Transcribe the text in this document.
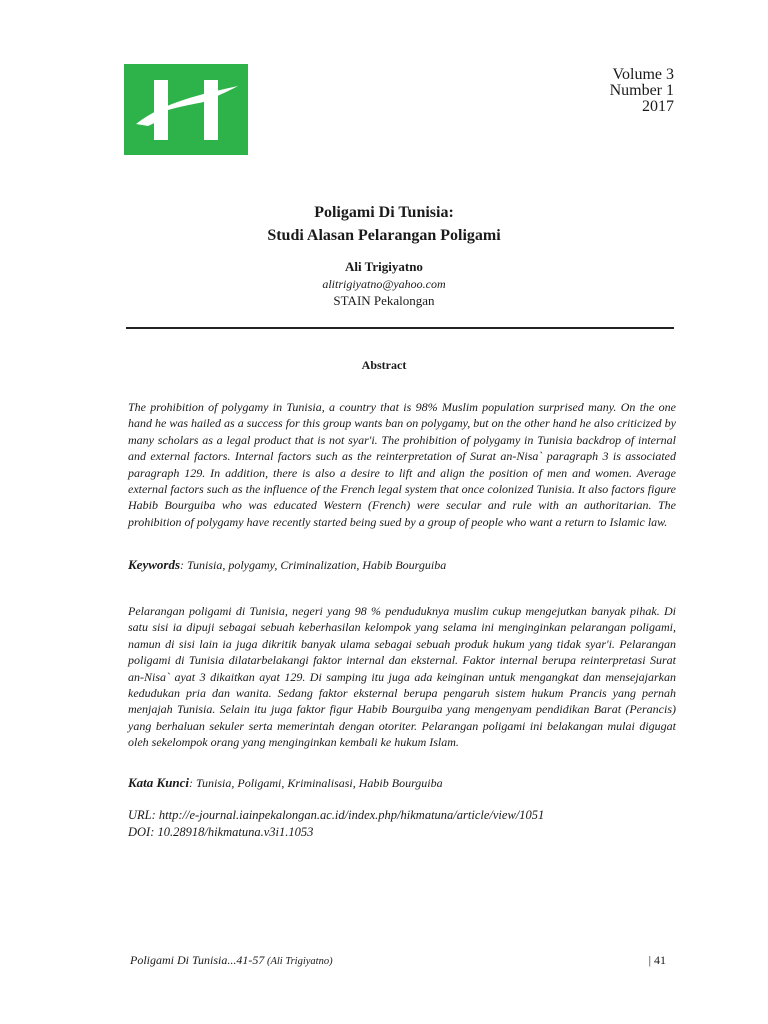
Volume 3
Number 1
2017
Poligami Di Tunisia:
Studi Alasan Pelarangan Poligami
Ali Trigiyatno
alitrigiyatno@yahoo.com
STAIN Pekalongan
Abstract

The prohibition of polygamy in Tunisia, a country that is 98% Muslim population surprised many. On the one hand he was hailed as a success for this group wants ban on polygamy, but on the other hand he also criticized by many scholars as a legal product that is not syar'i. The prohibition of polygamy in Tunisia backdrop of internal and external factors. Internal factors such as the reinterpretation of Surat an-Nisa` paragraph 3 is associated paragraph 129. In addition, there is also a desire to lift and align the position of men and women. Average external factors such as the influence of the French legal system that once colonized Tunisia. It also factors figure Habib Bourguiba who was educated Western (French) were secular and rule with an authoritarian. The prohibition of polygamy have recently started being sued by a group of people who want a return to Islamic law.

Keywords: Tunisia, polygamy, Criminalization, Habib Bourguiba

Pelarangan poligami di Tunisia, negeri yang 98 % penduduknya muslim cukup mengejutkan banyak pihak. Di satu sisi ia dipuji sebagai sebuah keberhasilan kelompok yang selama ini menginginkan pelarangan poligami, namun di sisi lain ia juga dikritik banyak ulama sebagai sebuah produk hukum yang tidak syar'i. Pelarangan poligami di Tunisia dilatarbelakangi faktor internal dan eksternal. Faktor internal berupa reinterpretasi Surat an-Nisa` ayat 3 dikaitkan ayat 129. Di samping itu juga ada keinginan untuk mengangkat dan mensejajarkan kedudukan pria dan wanita. Sedang faktor eksternal berupa pengaruh sistem hukum Prancis yang pernah menjajah Tunisia. Selain itu juga faktor figur Habib Bourguiba yang mengenyam pendidikan Barat (Perancis) yang berhaluan sekuler serta memerintah dengan otoriter. Pelarangan poligami ini belakangan mulai digugat oleh sekelompok orang yang menginginkan kembali ke hukum Islam.

Kata Kunci: Tunisia, Poligami, Kriminalisasi, Habib Bourguiba
URL: http://e-journal.iainpekalongan.ac.id/index.php/hikmatuna/article/view/1051
DOI: 10.28918/hikmatuna.v3i1.1053
Poligami Di Tunisia...41-57 (Ali Trigiyatno)	| 41
